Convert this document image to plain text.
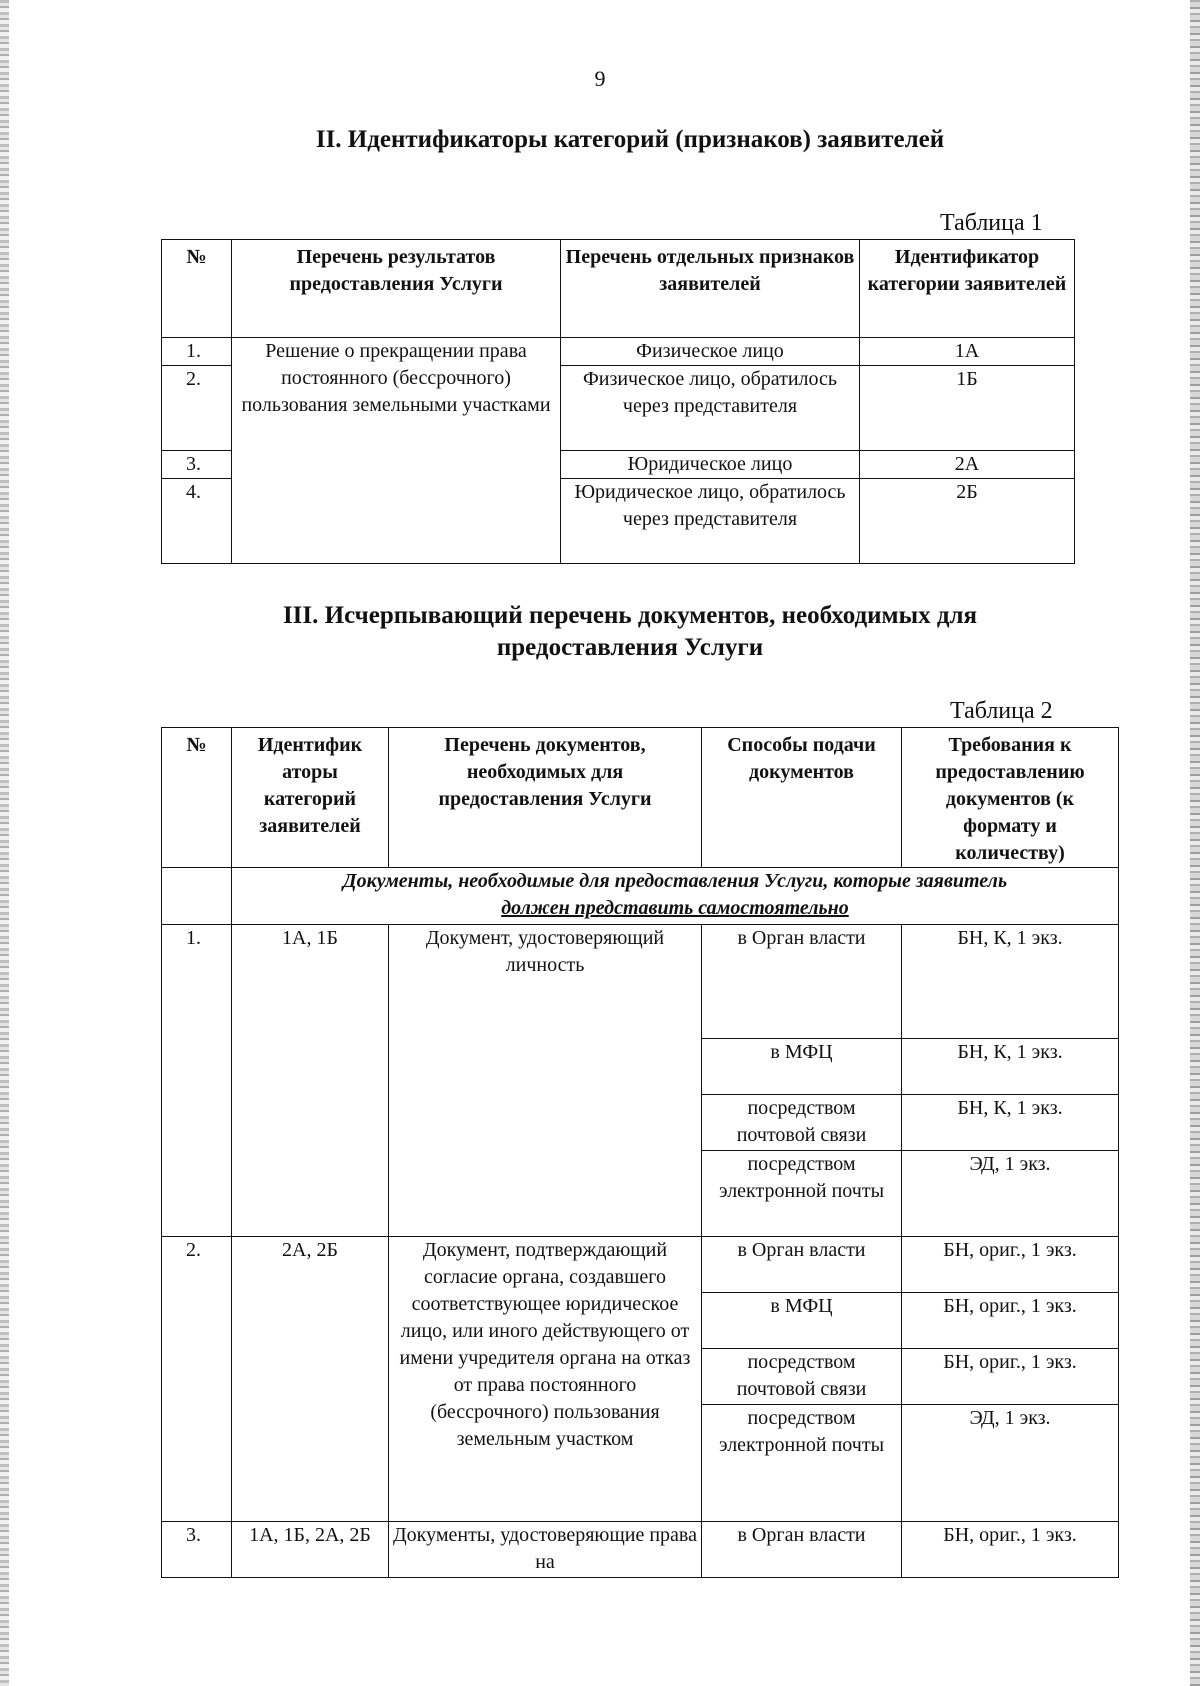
9
II. Идентификаторы категорий (признаков) заявителей
Таблица 1
№	Перечень результатов предоставления Услуги	Перечень отдельных признаков заявителей	Идентификатор категории заявителей
1.	Решение о прекращении права постоянного (бессрочного) пользования земельными участками	Физическое лицо	1А
2.		Физическое лицо, обратилось через представителя	1Б
3.		Юридическое лицо	2А
4.		Юридическое лицо, обратилось через представителя	2Б
III. Исчерпывающий перечень документов, необходимых для
предоставления Услуги
Таблица 2
№	Идентифик аторы категорий заявителей	Перечень документов, необходимых для предоставления Услуги	Способы подачи документов	Требования к предоставлению документов (к формату и количеству)

	Документы, необходимые для предоставления Услуги, которые заявитель
должен представить самостоятельно			

1.	1А, 1Б	Документ, удостоверяющий личность	в Орган власти	БН, К, 1 экз.
			в МФЦ	БН, К, 1 экз.
			посредством почтовой связи	БН, К, 1 экз.
			посредством электронной почты	ЭД, 1 экз.
2.	2А, 2Б	Документ, подтверждающий согласие органа, создавшего соответствующее юридическое лицо, или иного действующего от имени учредителя органа на отказ от права постоянного (бессрочного) пользования земельным участком	в Орган власти	БН, ориг., 1 экз.
			в МФЦ	БН, ориг., 1 экз.
			посредством почтовой связи	БН, ориг., 1 экз.
			посредством электронной почты	ЭД, 1 экз.
3.	1А, 1Б, 2А, 2Б	Документы, удостоверяющие права на	в Орган власти	БН, ориг., 1 экз.
